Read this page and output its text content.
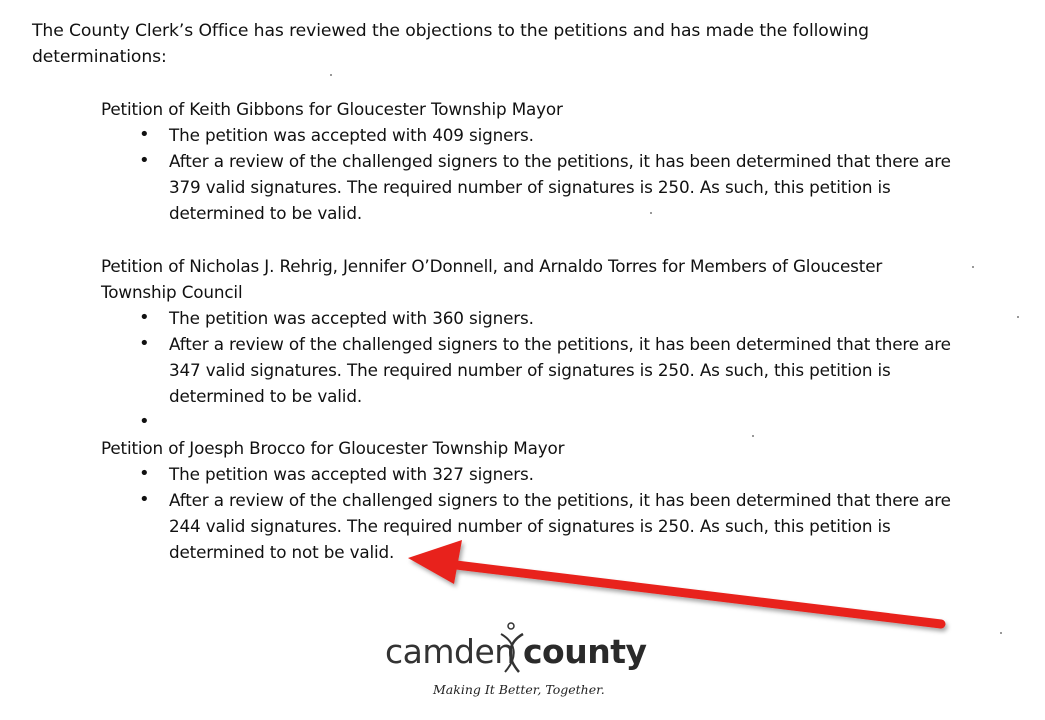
The County Clerk’s Office has reviewed the objections to the petitions and has made the following determinations:

Petition of Keith Gibbons for Gloucester Township Mayor

• The petition was accepted with 409 signers.
• After a review of the challenged signers to the petitions, it has been determined that there are 379 valid signatures. The required number of signatures is 250. As such, this petition is determined to be valid.

Petition of Nicholas J. Rehrig, Jennifer O’Donnell, and Arnaldo Torres for Members of Gloucester Township Council

• The petition was accepted with 360 signers.
• After a review of the challenged signers to the petitions, it has been determined that there are 347 valid signatures. The required number of signatures is 250. As such, this petition is determined to be valid.
•

Petition of Joesph Brocco for Gloucester Township Mayor

• The petition was accepted with 327 signers.
• After a review of the challenged signers to the petitions, it has been determined that there are 244 valid signatures. The required number of signatures is 250. As such, this petition is determined to not be valid.
camden county
Making It Better, Together.
